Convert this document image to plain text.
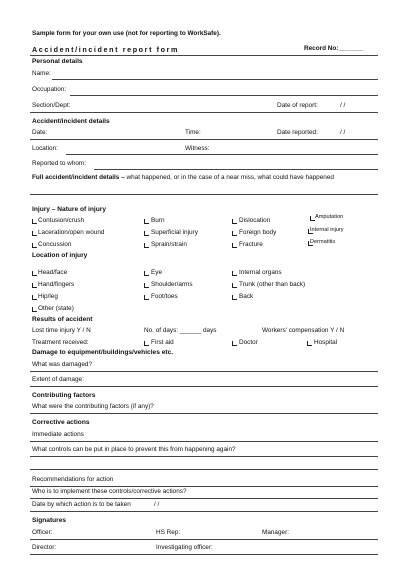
Sample form for your own use (not for reporting to WorkSafe).
Accident/incident report form	Record No:_______
Personal details
Name:
Occupation:
Section/Dept:	Date of report:	/ /
Accident/incident details
Date:	Time:	Date reported:	/ /
Location:	Witness:
Reported to whom:
Full accident/incident details – what happened, or in the case of a near miss, what could have happened
Injury – Nature of injury
Contusion/crush
Laceration/open wound
Concussion
Burn
Superficial injury
Sprain/strain
Dislocation
Foreign body
Fracture
Amputation
Internal injury
Dermatitis
Location of injury
Head/face
Hand/fingers
Hip/leg
Other (state)
Eye
Shoulder/arms
Foot/toes
Internal organs
Trunk (other than back)
Back
Results of accident
Lost time injury Y / N	No. of days: ______ days	Workers' compensation Y / N
Treatment received:	First aid	Doctor	Hospital
Damage to equipment/buildings/vehicles etc.
What was damaged?
Extent of damage:
Contributing factors
What were the contributing factors (if any)?
Corrective actions
Immediate actions
What controls can be put in place to prevent this from happening again?
Recommendations for action
Who is to implement these controls/corrective actions?
Date by which action is to be taken	/ /
Signatures
Officer:	HS Rep:	Manager:
Director:	Investigating officer:
